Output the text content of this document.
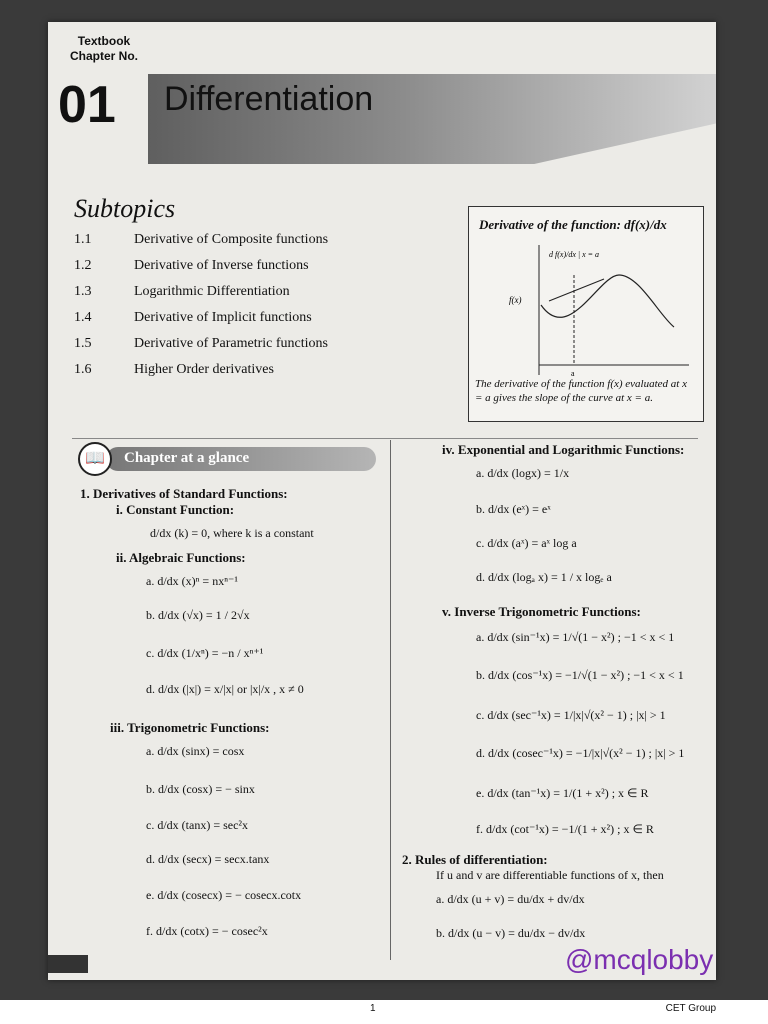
Textbook
Chapter No.
01 Differentiation
Subtopics
1.1	Derivative of Composite functions
1.2	Derivative of Inverse functions
1.3	Logarithmic Differentiation
1.4	Derivative of Implicit functions
1.5	Derivative of Parametric functions
1.6	Higher Order derivatives
Derivative of the function: df(x)/dx
f(x)
d f(x)/dx | x = a
a
The derivative of the function f(x) evaluated at x = a gives the slope of the curve at x = a.
📖	Chapter at a glance
1. Derivatives of Standard Functions:
i. Constant Function:
d/dx (k) = 0, where k is a constant
ii. Algebraic Functions:
a. d/dx (x)ⁿ = nxⁿ⁻¹
b. d/dx (√x) = 1 / 2√x
c. d/dx (1/xⁿ) = −n / xⁿ⁺¹
d. d/dx (|x|) = x/|x| or |x|/x , x ≠ 0
iii. Trigonometric Functions:
a. d/dx (sinx) = cosx
b. d/dx (cosx) = − sinx
c. d/dx (tanx) = sec²x
d. d/dx (secx) = secx.tanx
e. d/dx (cosecx) = − cosecx.cotx
f. d/dx (cotx) = − cosec²x
iv. Exponential and Logarithmic Functions:
a. d/dx (logx) = 1/x
b. d/dx (eˣ) = eˣ
c. d/dx (aˣ) = aˣ log a
d. d/dx (logₐ x) = 1 / x logₑ a
v. Inverse Trigonometric Functions:
a. d/dx (sin⁻¹x) = 1/√(1 − x²) ; −1 < x < 1
b. d/dx (cos⁻¹x) = −1/√(1 − x²) ; −1 < x < 1
c. d/dx (sec⁻¹x) = 1/|x|√(x² − 1) ; |x| > 1
d. d/dx (cosec⁻¹x) = −1/|x|√(x² − 1) ; |x| > 1
e. d/dx (tan⁻¹x) = 1/(1 + x²) ; x ∈ R
f. d/dx (cot⁻¹x) = −1/(1 + x²) ; x ∈ R
2. Rules of differentiation:
If u and v are differentiable functions of x, then
a. d/dx (u + v) = du/dx + dv/dx
b. d/dx (u − v) = du/dx − dv/dx
@mcqlobby
1	CET Group
